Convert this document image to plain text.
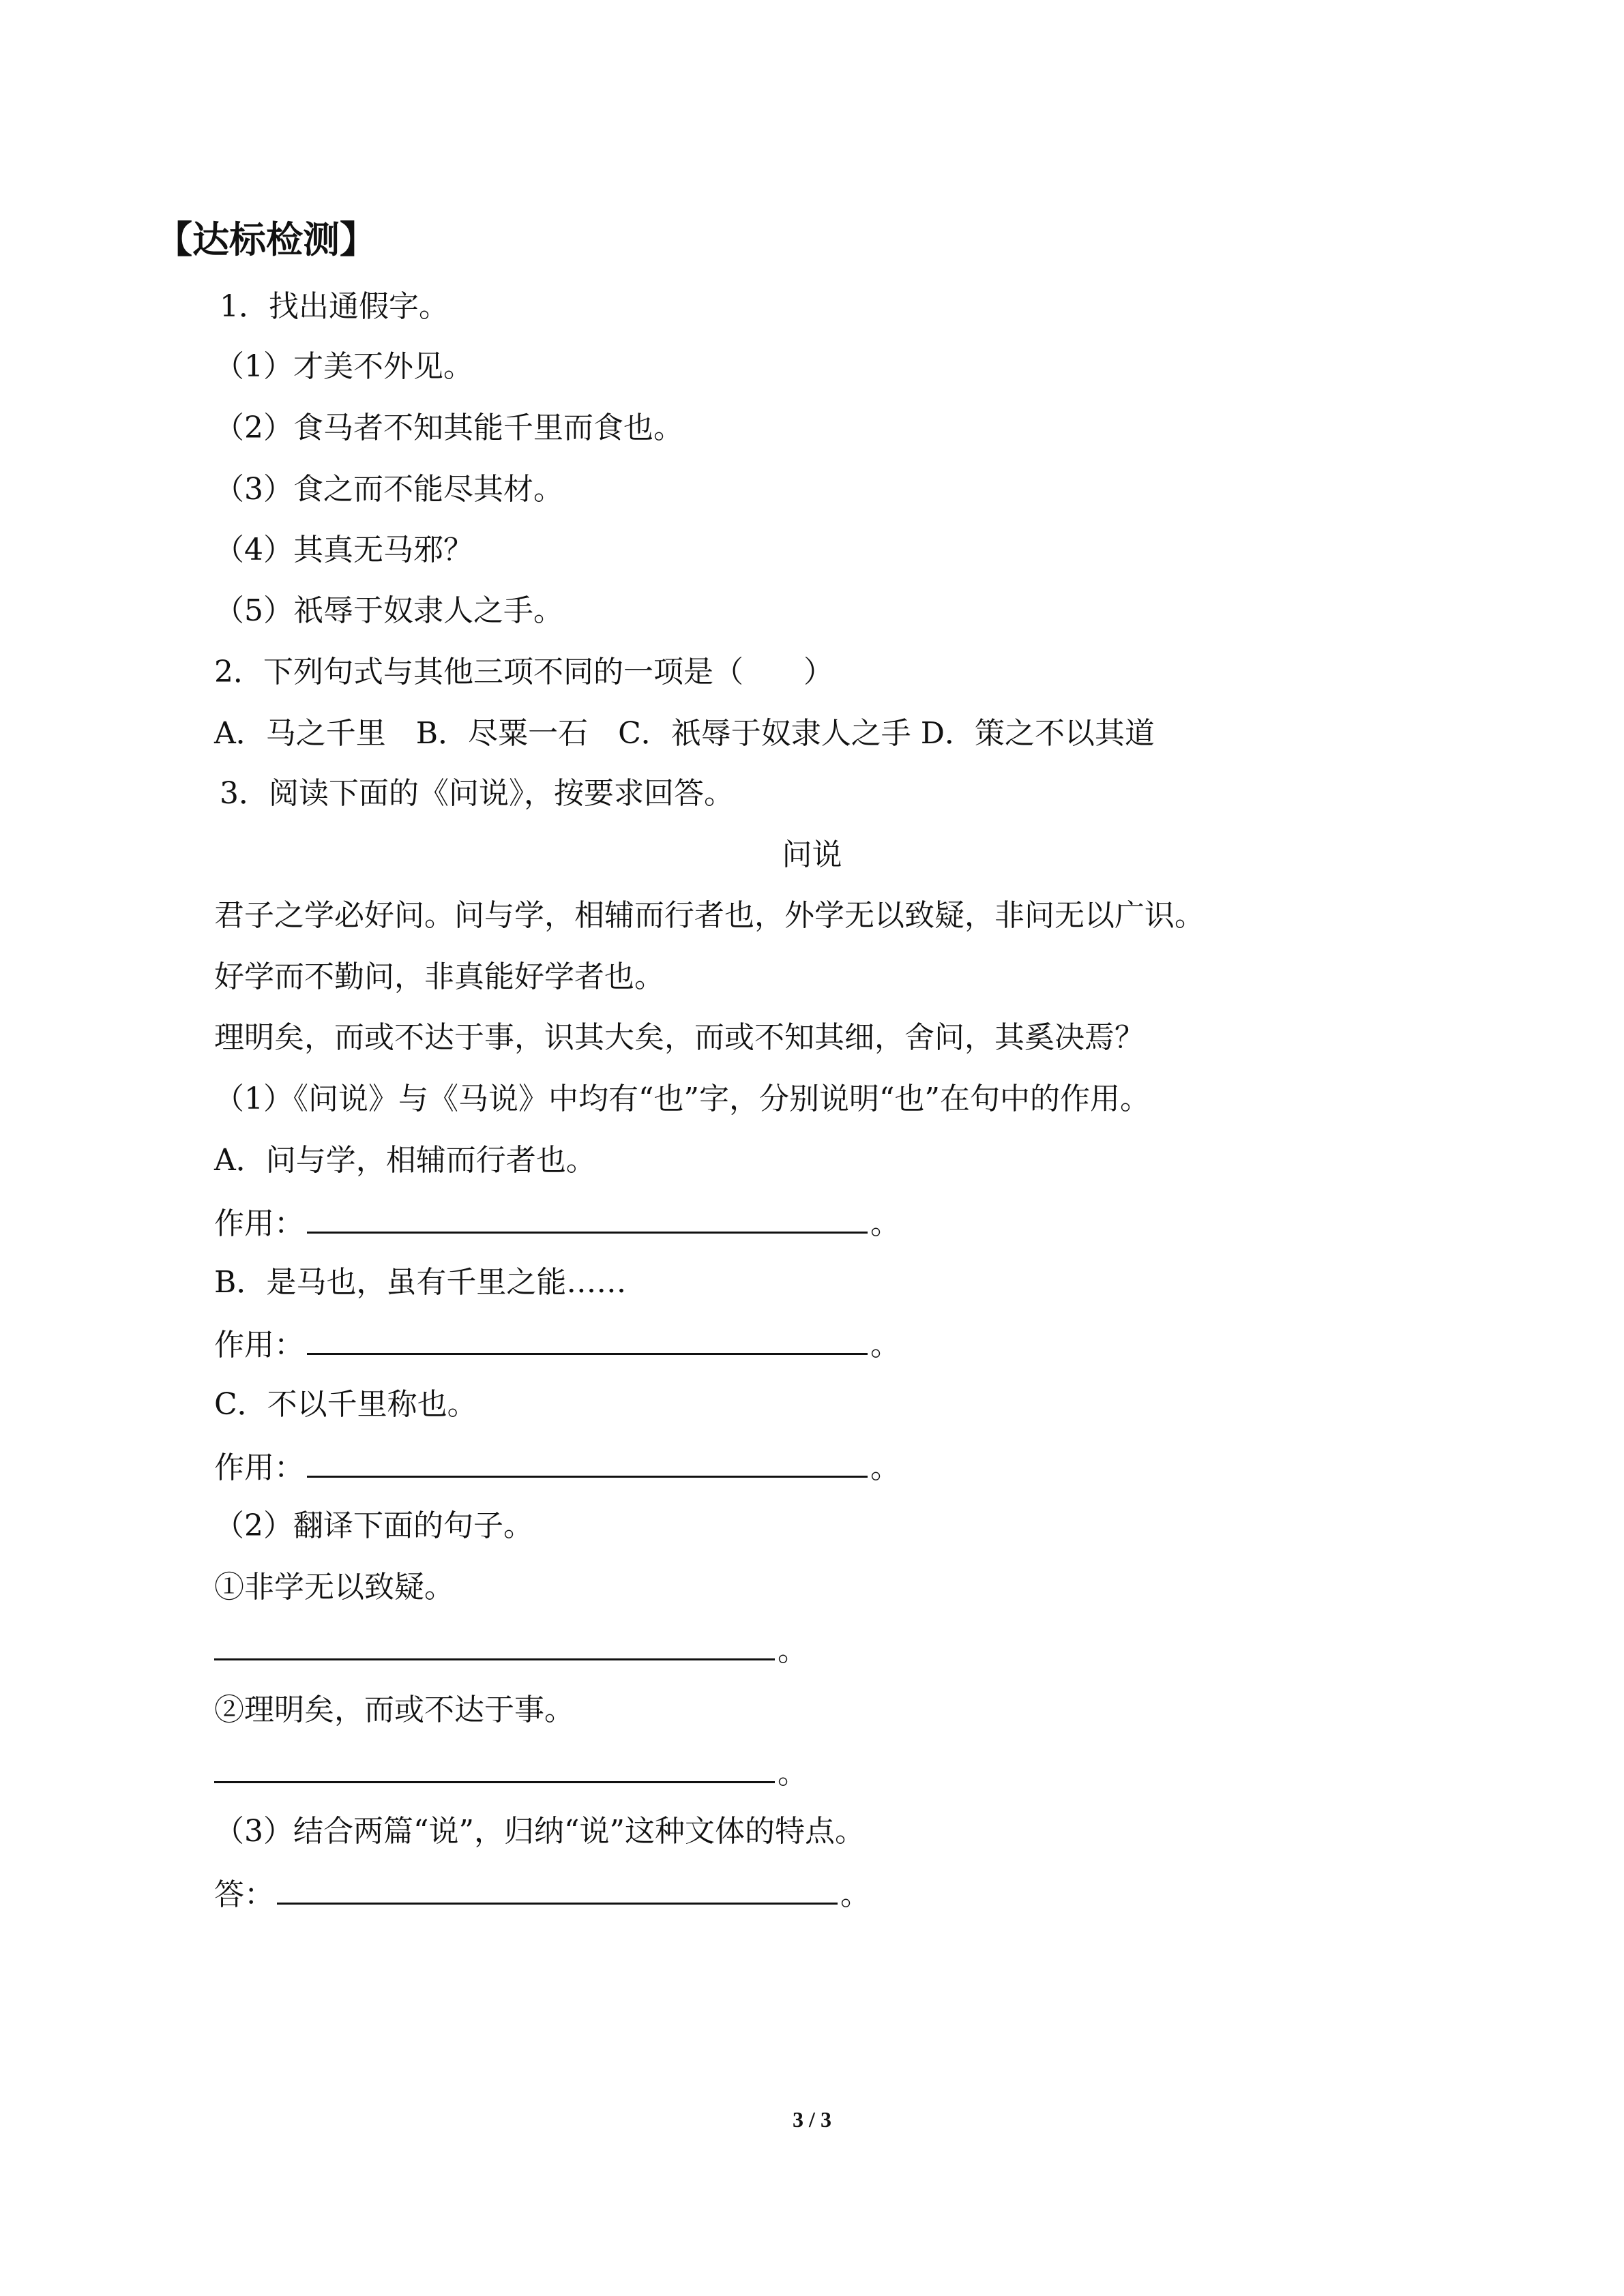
【达标检测】
1．找出通假字。
（1）才美不外见。
（2）食马者不知其能千里而食也。
（3）食之而不能尽其材。
（4）其真无马邪？
（5）祇辱于奴隶人之手。
2．下列句式与其他三项不同的一项是（　　）
A．马之千里　B．尽粟一石　C．祇辱于奴隶人之手 D．策之不以其道
3．阅读下面的《问说》，按要求回答。
问说
君子之学必好问。问与学，相辅而行者也，外学无以致疑，非问无以广识。
好学而不勤问，非真能好学者也。
理明矣，而或不达于事，识其大矣，而或不知其细，舍问，其奚决焉？
（1）《问说》与《马说》中均有“也”字，分别说明“也”在句中的作用。
A．问与学，相辅而行者也。
作用：	。
B．是马也，虽有千里之能……
作用：	。
C．不以千里称也。
作用：	。
（2）翻译下面的句子。
①非学无以致疑。
。
②理明矣，而或不达于事。
。
（3）结合两篇“说”，归纳“说”这种文体的特点。
答：	。
3 / 3
